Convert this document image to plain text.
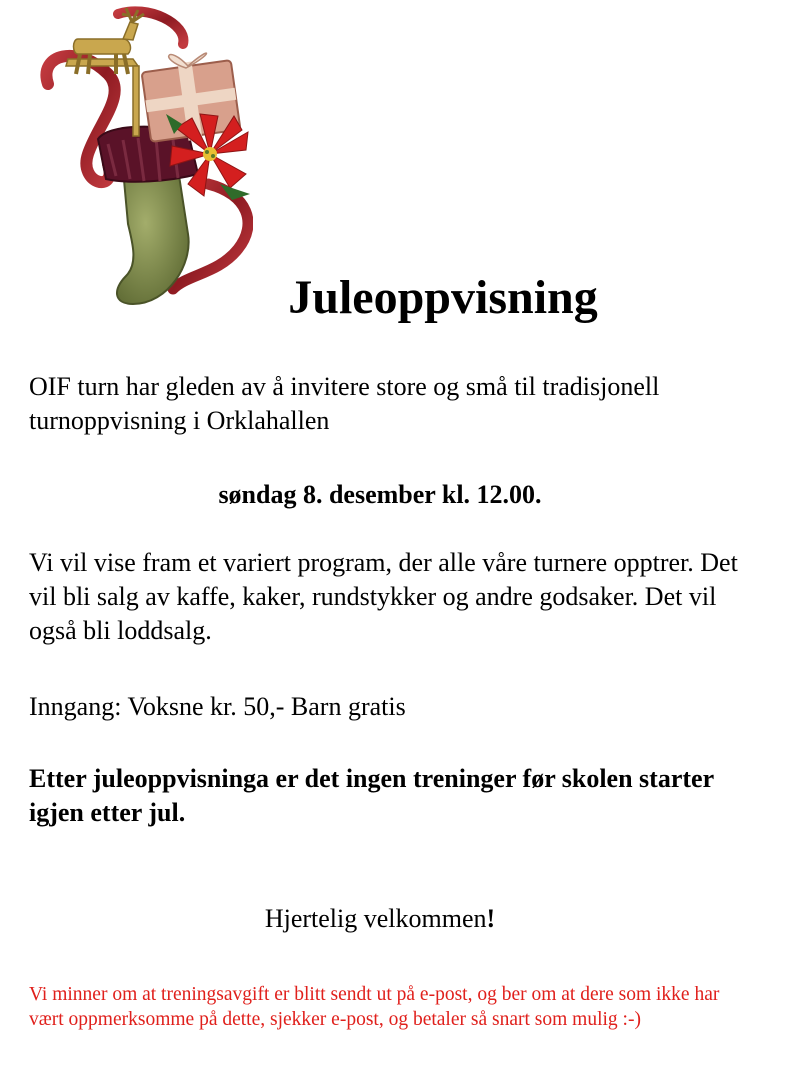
Juleoppvisning

OIF turn har gleden av å invitere store og små til tradisjonell turnoppvisning i Orklahallen

søndag 8. desember kl. 12.00.

Vi vil vise fram et variert program, der alle våre turnere opptrer. Det vil bli salg av kaffe, kaker, rundstykker og andre godsaker. Det vil også bli loddsalg.

Inngang: Voksne kr. 50,- Barn gratis

Etter juleoppvisninga er det ingen treninger før skolen starter igjen etter jul.

Hjertelig velkommen!

Vi minner om at treningsavgift er blitt sendt ut på e-post, og ber om at dere som ikke har vært oppmerksomme på dette, sjekker e-post, og betaler så snart som mulig :-)
